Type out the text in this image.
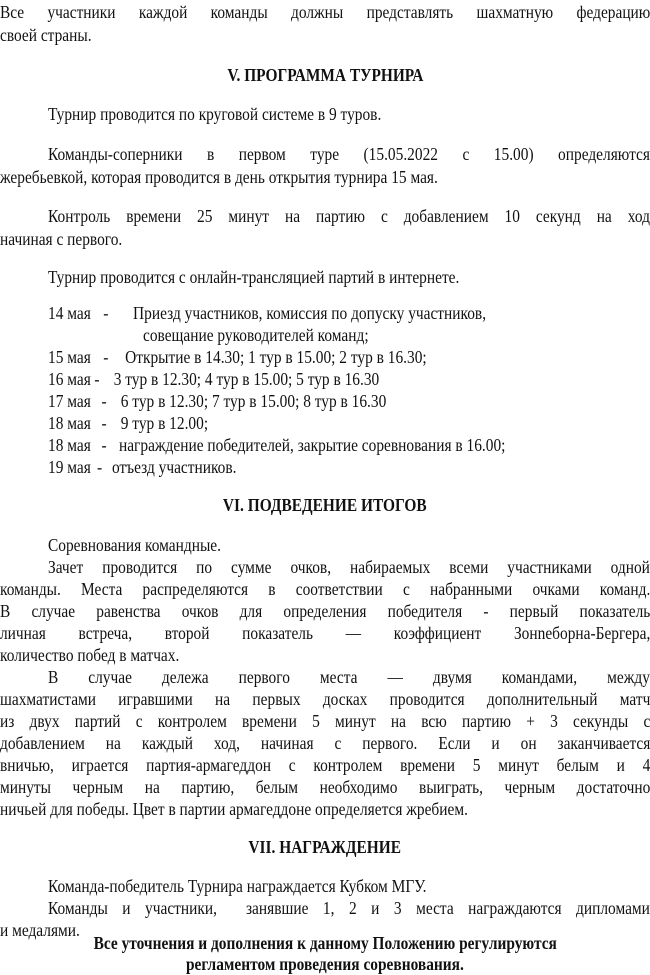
Все участники каждой команды должны представлять шахматную федерацию
своей страны.
V. ПРОГРАММА ТУРНИРА
Турнир проводится по круговой системе в 9 туров.
Команды-соперники в первом туре (15.05.2022 с 15.00) определяются
жеребьевкой, которая проводится в день открытия турнира 15 мая.
Контроль времени 25 минут на партию с добавлением 10 секунд на ход
начиная с первого.
Турнир проводится с онлайн-трансляцией партий в интернете.
14 мая - Приезд участников, комиссия по допуску участников,
совещание руководителей команд;
15 мая - Открытие в 14.30; 1 тур в 15.00; 2 тур в 16.30;
16 мая - 3 тур в 12.30; 4 тур в 15.00; 5 тур в 16.30
17 мая - 6 тур в 12.30; 7 тур в 15.00; 8 тур в 16.30
18 мая - 9 тур в 12.00;
18 мая - награждение победителей, закрытие соревнования в 16.00;
19 мая - отъезд участников.
VI. ПОДВЕДЕНИЕ ИТОГОВ
Соревнования командные.
Зачет проводится по сумме очков, набираемых всеми участниками одной
команды. Места распределяются в соответствии с набранными очками команд.
В случае равенства очков для определения победителя - первый показатель
личная встреча, второй показатель — коэффициент Зонneборна-Бергера,
количество побед в матчах.
В случае дележа первого места — двумя командами, между
шахматистами игравшими на первых досках проводится дополнительный матч
из двух партий с контролем времени 5 минут на всю партию + 3 секунды с
добавлением на каждый ход, начиная с первого. Если и он заканчивается
вничью, играется партия-армагеддон с контролем времени 5 минут белым и 4
минуты черным на партию, белым необходимо выиграть, черным достаточно
ничьей для победы. Цвет в партии армагеддоне определяется жребием.
VII. НАГРАЖДЕНИЕ
Команда-победитель Турнира награждается Кубком МГУ.
Команды и участники,  занявшие 1, 2 и 3 места награждаются дипломами
и медалями.
Все уточнения и дополнения к данному Положению регулируются
регламентом проведения соревнования.
